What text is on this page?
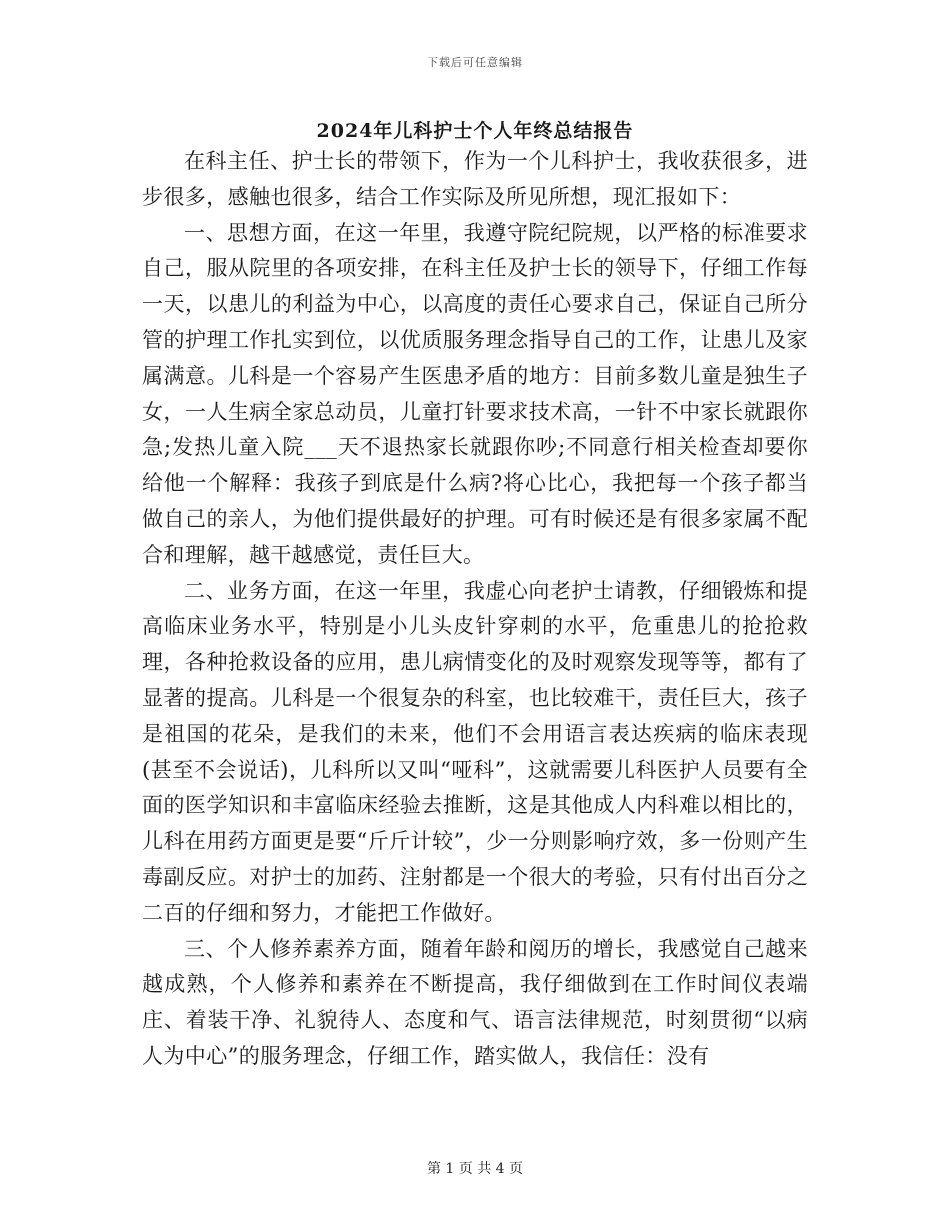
下载后可任意编辑
2024年儿科护士个人年终总结报告

在科主任、护士长的带领下，作为一个儿科护士，我收获很多，进步很多，感触也很多，结合工作实际及所见所想，现汇报如下：

一、思想方面，在这一年里，我遵守院纪院规，以严格的标准要求自己，服从院里的各项安排，在科主任及护士长的领导下，仔细工作每一天，以患儿的利益为中心，以高度的责任心要求自己，保证自己所分管的护理工作扎实到位，以优质服务理念指导自己的工作，让患儿及家属满意。儿科是一个容易产生医患矛盾的地方：目前多数儿童是独生子女，一人生病全家总动员，儿童打针要求技术高，一针不中家长就跟你急;发热儿童入院___天不退热家长就跟你吵;不同意行相关检查却要你给他一个解释：我孩子到底是什么病?将心比心，我把每一个孩子都当做自己的亲人，为他们提供最好的护理。可有时候还是有很多家属不配合和理解，越干越感觉，责任巨大。

二、业务方面，在这一年里，我虚心向老护士请教，仔细锻炼和提高临床业务水平，特别是小儿头皮针穿刺的水平，危重患儿的抢抢救理，各种抢救设备的应用，患儿病情变化的及时观察发现等等，都有了显著的提高。儿科是一个很复杂的科室，也比较难干，责任巨大，孩子是祖国的花朵，是我们的未来，他们不会用语言表达疾病的临床表现(甚至不会说话)，儿科所以又叫“哑科”，这就需要儿科医护人员要有全面的医学知识和丰富临床经验去推断，这是其他成人内科难以相比的，儿科在用药方面更是要“斤斤计较”，少一分则影响疗效，多一份则产生毒副反应。对护士的加药、注射都是一个很大的考验，只有付出百分之二百的仔细和努力，才能把工作做好。

三、个人修养素养方面，随着年龄和阅历的增长，我感觉自己越来越成熟，个人修养和素养在不断提高，我仔细做到在工作时间仪表端庄、着装干净、礼貌待人、态度和气、语言法律规范，时刻贯彻“以病人为中心”的服务理念，仔细工作，踏实做人，我信任：没有

第 1 页 共 4 页
